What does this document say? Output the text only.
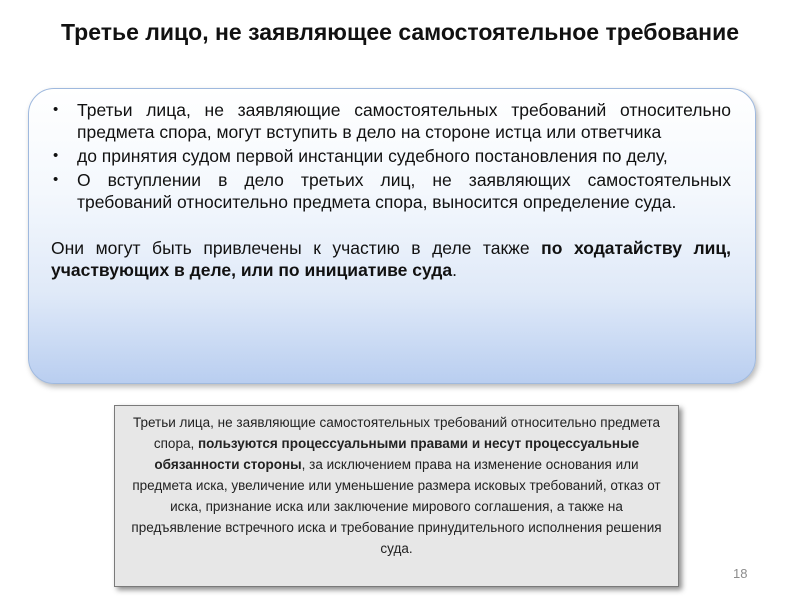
Третье лицо, не заявляющее самостоятельное требование
• Третьи лица, не заявляющие самостоятельных требований относительно предмета спора, могут вступить в дело на стороне истца или ответчика
• до принятия судом первой инстанции судебного постановления по делу,
• О вступлении в дело третьих лиц, не заявляющих самостоятельных требований относительно предмета спора, выносится определение суда.
Они могут быть привлечены к участию в деле также по ходатайству лиц, участвующих в деле, или по инициативе суда.
Третьи лица, не заявляющие самостоятельных требований относительно предмета спора, пользуются процессуальными правами и несут процессуальные обязанности стороны, за исключением права на изменение основания или предмета иска, увеличение или уменьшение размера исковых требований, отказ от иска, признание иска или заключение мирового соглашения, а также на предъявление встречного иска и требование принудительного исполнения решения суда.
18
